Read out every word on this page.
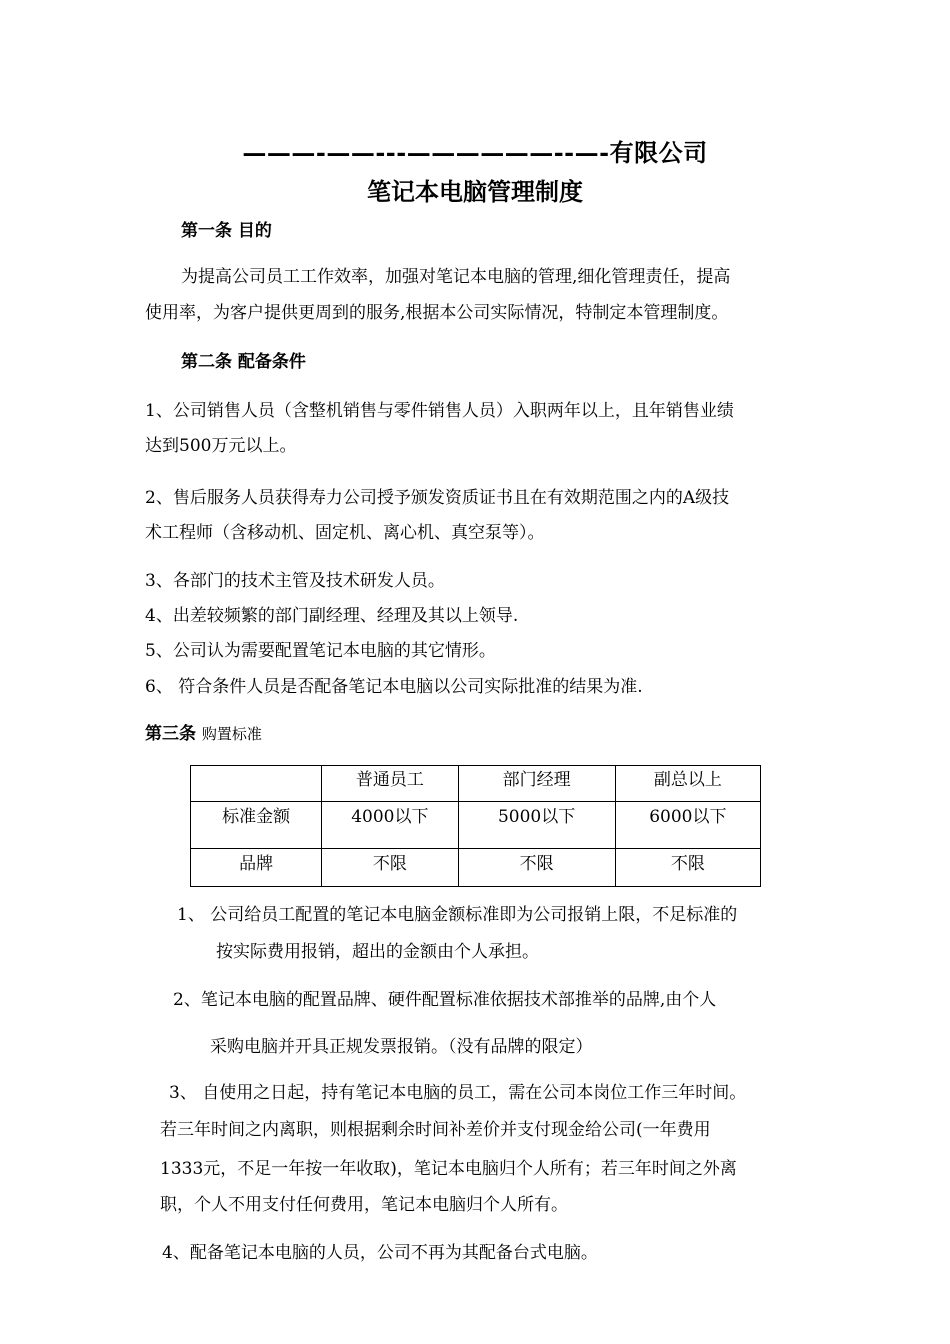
———-——---——————--—-有限公司
笔记本电脑管理制度
第一条 目的
为提高公司员工工作效率，加强对笔记本电脑的管理,细化管理责任，提高
使用率，为客户提供更周到的服务,根据本公司实际情况，特制定本管理制度。
第二条 配备条件
1、公司销售人员（含整机销售与零件销售人员）入职两年以上，且年销售业绩
达到500万元以上。
2、售后服务人员获得寿力公司授予颁发资质证书且在有效期范围之内的A级技
术工程师（含移动机、固定机、离心机、真空泵等）。
3、各部门的技术主管及技术研发人员。
4、出差较频繁的部门副经理、经理及其以上领导.
5、公司认为需要配置笔记本电脑的其它情形。
6、 符合条件人员是否配备笔记本电脑以公司实际批准的结果为准.
第三条 购置标准
	普通员工	部门经理	副总以上
标准金额	4000以下	5000以下	6000以下
品牌	不限	不限	不限
1、 公司给员工配置的笔记本电脑金额标准即为公司报销上限，不足标准的
按实际费用报销，超出的金额由个人承担。
2、笔记本电脑的配置品牌、硬件配置标准依据技术部推举的品牌,由个人
采购电脑并开具正规发票报销。（没有品牌的限定）
3、 自使用之日起，持有笔记本电脑的员工，需在公司本岗位工作三年时间。
若三年时间之内离职，则根据剩余时间补差价并支付现金给公司(一年费用
1333元，不足一年按一年收取)，笔记本电脑归个人所有；若三年时间之外离
职，个人不用支付任何费用，笔记本电脑归个人所有。
4、配备笔记本电脑的人员，公司不再为其配备台式电脑。
